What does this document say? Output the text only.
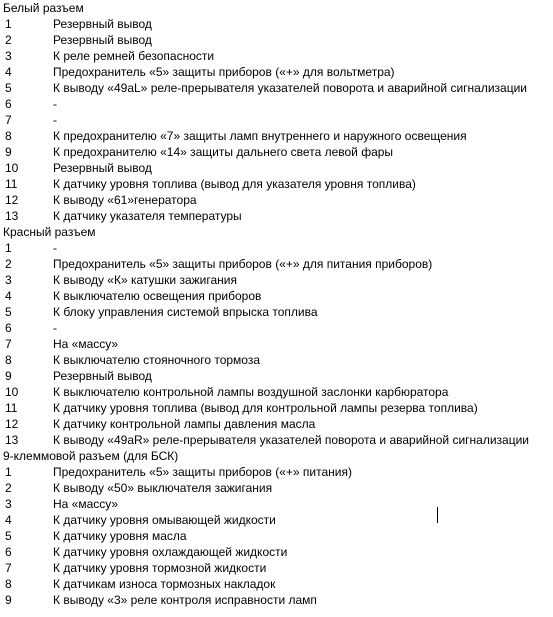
Белый разъем
1	Резервный вывод
2	Резервный вывод
3	К реле ремней безопасности
4	Предохранитель «5» защиты приборов («+» для вольтметра)
5	К выводу «49aL» реле-прерывателя указателей поворота и аварийной сигнализации
6	-
7	-
8	К предохранителю «7» защиты ламп внутреннего и наружного освещения
9	К предохранителю «14» защиты дальнего света левой фары
10	Резервный вывод
11	К датчику уровня топлива (вывод для указателя уровня топлива)
12	К выводу «61»генератора
13	К датчику указателя температуры
Красный разъем
1	-
2	Предохранитель «5» защиты приборов («+» для питания приборов)
3	К выводу «К» катушки зажигания
4	К выключателю освещения приборов
5	К блоку управления системой впрыска топлива
6	-
7	На «массу»
8	К выключателю стояночного тормоза
9	Резервный вывод
10	К выключателю контрольной лампы воздушной заслонки карбюратора
11	К датчику уровня топлива (вывод для контрольной лампы резерва топлива)
12	К датчику контрольной лампы давления масла
13	К выводу «49aR» реле-прерывателя указателей поворота и аварийной сигнализации
9-клеммовой разъем (для БСК)
1	Предохранитель «5» защиты приборов («+» питания)
2	К выводу «50» выключателя зажигания
3	На «массу»
4	К датчику уровня омывающей жидкости
5	К датчику уровня масла
6	К датчику уровня охлаждающей жидкости
7	К датчику уровня тормозной жидкости
8	К датчикам износа тормозных накладок
9	К выводу «3» реле контроля исправности ламп
